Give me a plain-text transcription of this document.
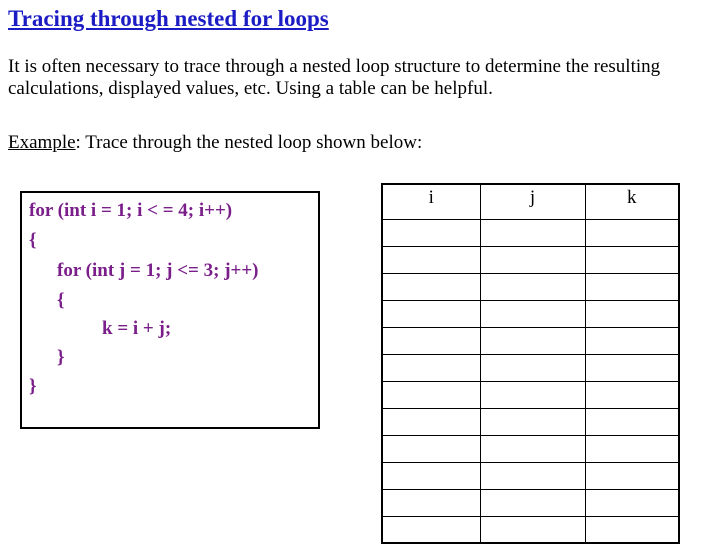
Tracing through nested for loops
It is often necessary to trace through a nested loop structure to determine the resulting calculations, displayed values, etc. Using a table can be helpful.
Example: Trace through the nested loop shown below:
for (int i = 1; i < = 4; i++)
{
for (int j = 1; j <= 3; j++)
{
k = i + j;
}
}
i	j	k
